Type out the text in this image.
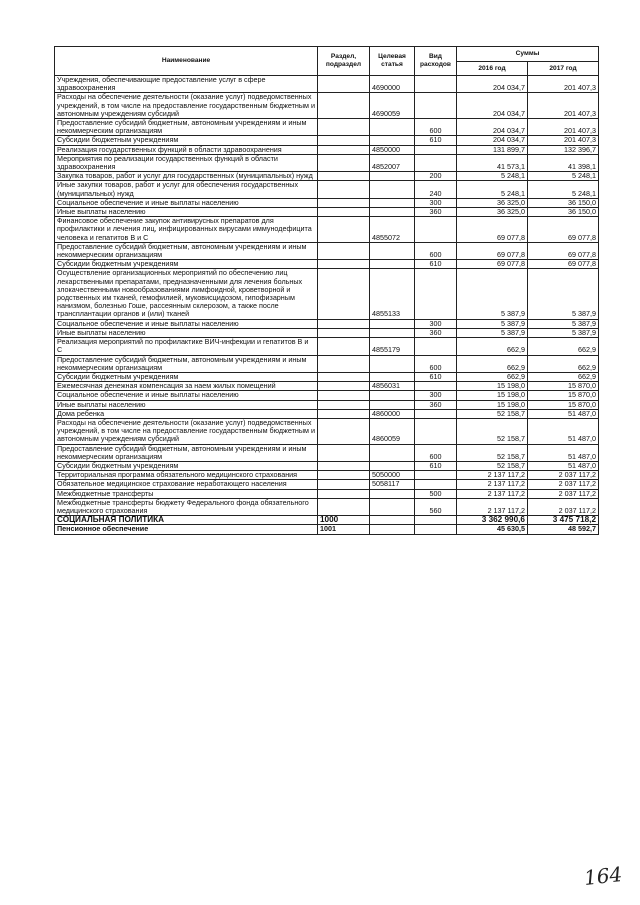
Наименование	Раздел, подраздел	Целевая статья	Вид расходов	Суммы	
				2016 год	2017 год
Учреждения, обеспечивающие предоставление услуг в сфере здравоохранения		4690000		204 034,7	201 407,3
Расходы на обеспечение деятельности (оказание услуг) подведомственных учреждений, в том числе на предоставление государственным бюджетным и автономным учреждениям субсидий		4690059		204 034,7	201 407,3
Предоставление субсидий бюджетным, автономным учреждениям и иным некоммерческим организациям			600	204 034,7	201 407,3
Субсидии бюджетным учреждениям			610	204 034,7	201 407,3
Реализация государственных функций в области здравоохранения		4850000		131 899,7	132 396,7
Мероприятия по реализации государственных функций в области здравоохранения		4852007		41 573,1	41 398,1
Закупка товаров, работ и услуг для государственных (муниципальных) нужд			200	5 248,1	5 248,1
Иные закупки товаров, работ и услуг для обеспечения государственных (муниципальных) нужд			240	5 248,1	5 248,1
Социальное обеспечение и иные выплаты населению			300	36 325,0	36 150,0
Иные выплаты населению			360	36 325,0	36 150,0
Финансовое обеспечение закупок антивирусных препаратов для профилактики и лечения лиц, инфицированных вирусами иммунодефицита человека и гепатитов В и С		4855072		69 077,8	69 077,8
Предоставление субсидий бюджетным, автономным учреждениям и иным некоммерческим организациям			600	69 077,8	69 077,8
Субсидии бюджетным учреждениям			610	69 077,8	69 077,8
Осуществление организационных мероприятий по обеспечению лиц лекарственными препаратами, предназначенными для лечения больных злокачественными новообразованиями лимфоидной, кроветворной и родственных им тканей, гемофилией, муковисцидозом, гипофизарным нанизмом, болезнью Гоше, рассеянным склерозом, а также после трансплантации органов и (или) тканей		4855133		5 387,9	5 387,9
Социальное обеспечение и иные выплаты населению			300	5 387,9	5 387,9
Иные выплаты населению			360	5 387,9	5 387,9
Реализация мероприятий по профилактике ВИЧ-инфекции и гепатитов В и С		4855179		662,9	662,9
Предоставление субсидий бюджетным, автономным учреждениям и иным некоммерческим организациям			600	662,9	662,9
Субсидии бюджетным учреждениям			610	662,9	662,9
Ежемесячная денежная компенсация за наем жилых помещений		4856031		15 198,0	15 870,0
Социальное обеспечение и иные выплаты населению			300	15 198,0	15 870,0
Иные выплаты населению			360	15 198,0	15 870,0
Дома ребенка		4860000		52 158,7	51 487,0
Расходы на обеспечение деятельности (оказание услуг) подведомственных учреждений, в том числе на предоставление государственным бюджетным и автономным учреждениям субсидий		4860059		52 158,7	51 487,0
Предоставление субсидий бюджетным, автономным учреждениям и иным некоммерческим организациям			600	52 158,7	51 487,0
Субсидии бюджетным учреждениям			610	52 158,7	51 487,0
Территориальная программа обязательного медицинского страхования		5050000		2 137 117,2	2 037 117,2
Обязательное медицинское страхование неработающего населения		5058117		2 137 117,2	2 037 117,2
Межбюджетные трансферты			500	2 137 117,2	2 037 117,2
Межбюджетные трансферты бюджету Федерального фонда обязательного медицинского страхования			560	2 137 117,2	2 037 117,2
СОЦИАЛЬНАЯ ПОЛИТИКА	1000			3 362 990,6	3 475 718,2
Пенсионное обеспечение	1001			45 630,5	48 592,7
164
